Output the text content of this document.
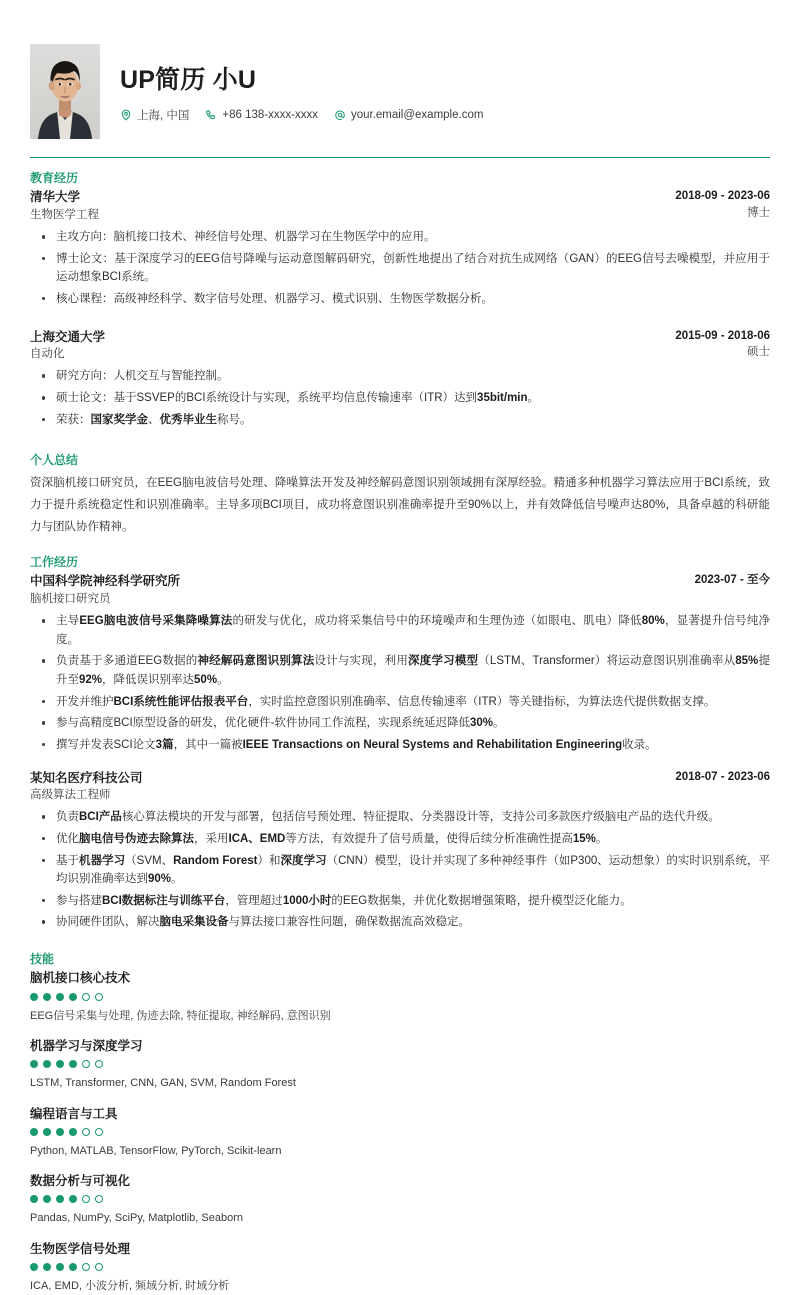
UP简历 小U
上海, 中国	+86 138-xxxx-xxxx	your.email@example.com
教育经历
清华大学
生物医学工程
2018-09 - 2023-06
博士
主攻方向：脑机接口技术、神经信号处理、机器学习在生物医学中的应用。
博士论文：基于深度学习的EEG信号降噪与运动意图解码研究，创新性地提出了结合对抗生成网络（GAN）的EEG信号去噪模型，并应用于运动想象BCI系统。
核心课程：高级神经科学、数字信号处理、机器学习、模式识别、生物医学数据分析。
上海交通大学
自动化
2015-09 - 2018-06
硕士
研究方向：人机交互与智能控制。
硕士论文：基于SSVEP的BCI系统设计与实现，系统平均信息传输速率（ITR）达到35bit/min。
荣获：国家奖学金、优秀毕业生称号。
个人总结
资深脑机接口研究员，在EEG脑电波信号处理、降噪算法开发及神经解码意图识别领域拥有深厚经验。精通多种机器学习算法应用于BCI系统，致力于提升系统稳定性和识别准确率。主导多项BCI项目，成功将意图识别准确率提升至90%以上，并有效降低信号噪声达80%，具备卓越的科研能力与团队协作精神。
工作经历
中国科学院神经科学研究所
脑机接口研究员
2023-07 - 至今
主导EEG脑电波信号采集降噪算法的研发与优化，成功将采集信号中的环境噪声和生理伪迹（如眼电、肌电）降低80%，显著提升信号纯净度。
负责基于多通道EEG数据的神经解码意图识别算法设计与实现，利用深度学习模型（LSTM、Transformer）将运动意图识别准确率从85%提升至92%，降低误识别率达50%。
开发并维护BCI系统性能评估报表平台，实时监控意图识别准确率、信息传输速率（ITR）等关键指标，为算法迭代提供数据支撑。
参与高精度BCI原型设备的研发，优化硬件-软件协同工作流程，实现系统延迟降低30%。
撰写并发表SCI论文3篇，其中一篇被IEEE Transactions on Neural Systems and Rehabilitation Engineering收录。
某知名医疗科技公司
高级算法工程师
2018-07 - 2023-06
负责BCI产品核心算法模块的开发与部署，包括信号预处理、特征提取、分类器设计等，支持公司多款医疗级脑电产品的迭代升级。
优化脑电信号伪迹去除算法，采用ICA、EMD等方法，有效提升了信号质量，使得后续分析准确性提高15%。
基于机器学习（SVM、Random Forest）和深度学习（CNN）模型，设计并实现了多种神经事件（如P300、运动想象）的实时识别系统，平均识别准确率达到90%。
参与搭建BCI数据标注与训练平台，管理超过1000小时的EEG数据集，并优化数据增强策略，提升模型泛化能力。
协同硬件团队，解决脑电采集设备与算法接口兼容性问题，确保数据流高效稳定。
技能
脑机接口核心技术
EEG信号采集与处理, 伪迹去除, 特征提取, 神经解码, 意图识别
机器学习与深度学习
LSTM, Transformer, CNN, GAN, SVM, Random Forest
编程语言与工具
Python, MATLAB, TensorFlow, PyTorch, Scikit-learn
数据分析与可视化
Pandas, NumPy, SciPy, Matplotlib, Seaborn
生物医学信号处理
ICA, EMD, 小波分析, 频域分析, 时域分析
